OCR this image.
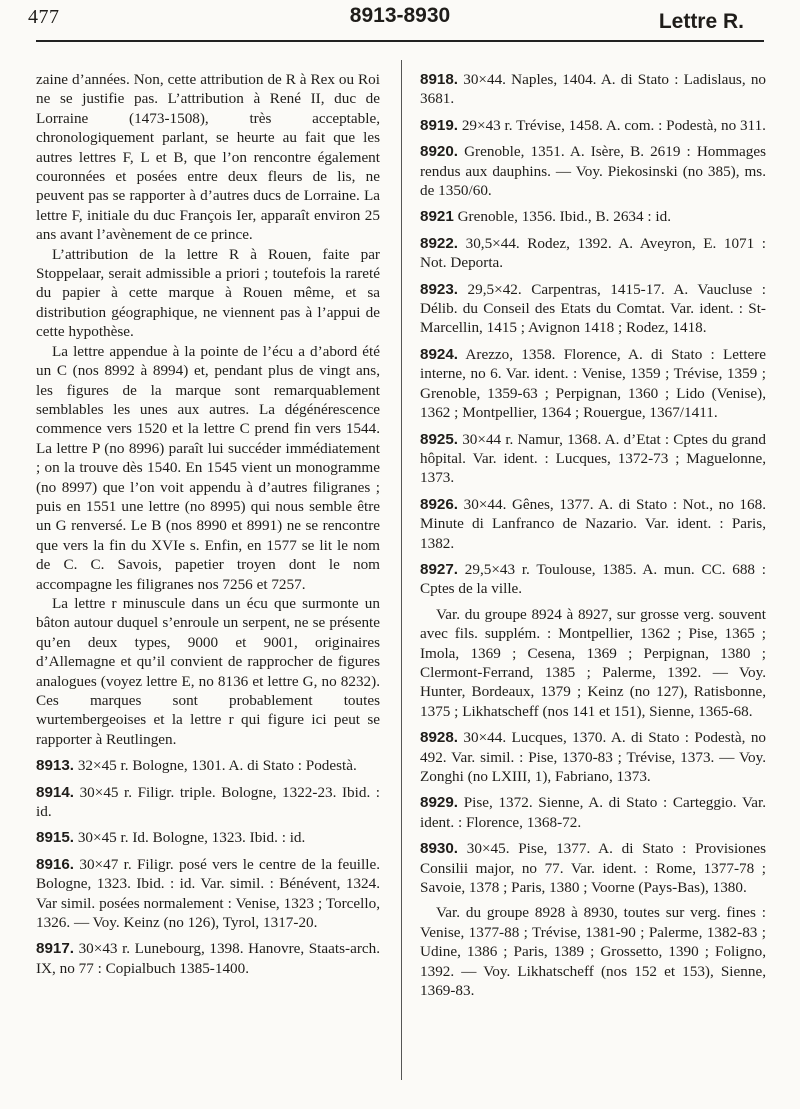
477	8913-8930	Lettre R.

zaine d’années. Non, cette attribution de R à Rex ou Roi ne se justifie pas. L’attribution à René II, duc de Lorraine (1473-1508), très acceptable, chronologiquement parlant, se heurte au fait que les autres lettres F, L et B, que l’on rencontre également couronnées et posées entre deux fleurs de lis, ne peuvent pas se rapporter à d’autres ducs de Lorraine. La lettre F, initiale du duc François Ier, apparaît environ 25 ans avant l’avènement de ce prince.

L’attribution de la lettre R à Rouen, faite par Stoppelaar, serait admissible a priori ; toutefois la rareté du papier à cette marque à Rouen même, et sa distribution géographique, ne viennent pas à l’appui de cette hypothèse.

La lettre appendue à la pointe de l’écu a d’abord été un C (nos 8992 à 8994) et, pendant plus de vingt ans, les figures de la marque sont remarquablement semblables les unes aux autres. La dégénérescence commence vers 1520 et la lettre C prend fin vers 1544. La lettre P (no 8996) paraît lui succéder immédiatement ; on la trouve dès 1540. En 1545 vient un monogramme (no 8997) que l’on voit appendu à d’autres filigranes ; puis en 1551 une lettre (no 8995) qui nous semble être un G renversé. Le B (nos 8990 et 8991) ne se rencontre que vers la fin du XVIe s. Enfin, en 1577 se lit le nom de C. C. Savois, papetier troyen dont le nom accompagne les filigranes nos 7256 et 7257.

La lettre r minuscule dans un écu que surmonte un bâton autour duquel s’enroule un serpent, ne se présente qu’en deux types, 9000 et 9001, originaires d’Allemagne et qu’il convient de rapprocher de figures analogues (voyez lettre E, no 8136 et lettre G, no 8232). Ces marques sont probablement toutes wurtembergeoises et la lettre r qui figure ici peut se rapporter à Reutlingen.

8913. 32×45 r. Bologne, 1301. A. di Stato : Podestà.

8914. 30×45 r. Filigr. triple. Bologne, 1322-23. Ibid. : id.

8915. 30×45 r. Id. Bologne, 1323. Ibid. : id.

8916. 30×47 r. Filigr. posé vers le centre de la feuille. Bologne, 1323. Ibid. : id. Var. simil. : Bénévent, 1324. Var simil. posées normalement : Venise, 1323 ; Torcello, 1326. — Voy. Keinz (no 126), Tyrol, 1317-20.

8917. 30×43 r. Lunebourg, 1398. Hanovre, Staats-arch. IX, no 77 : Copialbuch 1385-1400.

8918. 30×44. Naples, 1404. A. di Stato : Ladislaus, no 3681.

8919. 29×43 r. Trévise, 1458. A. com. : Podestà, no 311.

8920. Grenoble, 1351. A. Isère, B. 2619 : Hommages rendus aux dauphins. — Voy. Piekosinski (no 385), ms. de 1350/60.

8921 Grenoble, 1356. Ibid., B. 2634 : id.

8922. 30,5×44. Rodez, 1392. A. Aveyron, E. 1071 : Not. Deporta.

8923. 29,5×42. Carpentras, 1415-17. A. Vaucluse : Délib. du Conseil des Etats du Comtat. Var. ident. : St-Marcellin, 1415 ; Avignon 1418 ; Rodez, 1418.

8924. Arezzo, 1358. Florence, A. di Stato : Lettere interne, no 6. Var. ident. : Venise, 1359 ; Trévise, 1359 ; Grenoble, 1359-63 ; Perpignan, 1360 ; Lido (Venise), 1362 ; Montpellier, 1364 ; Rouergue, 1367/1411.

8925. 30×44 r. Namur, 1368. A. d’Etat : Cptes du grand hôpital. Var. ident. : Lucques, 1372-73 ; Maguelonne, 1373.

8926. 30×44. Gênes, 1377. A. di Stato : Not., no 168. Minute di Lanfranco de Nazario. Var. ident. : Paris, 1382.

8927. 29,5×43 r. Toulouse, 1385. A. mun. CC. 688 : Cptes de la ville.

Var. du groupe 8924 à 8927, sur grosse verg. souvent avec fils. supplém. : Montpellier, 1362 ; Pise, 1365 ; Imola, 1369 ; Cesena, 1369 ; Perpignan, 1380 ; Clermont-Ferrand, 1385 ; Palerme, 1392. — Voy. Hunter, Bordeaux, 1379 ; Keinz (no 127), Ratisbonne, 1375 ; Likhatscheff (nos 141 et 151), Sienne, 1365-68.

8928. 30×44. Lucques, 1370. A. di Stato : Podestà, no 492. Var. simil. : Pise, 1370-83 ; Trévise, 1373. — Voy. Zonghi (no LXIII, 1), Fabriano, 1373.

8929. Pise, 1372. Sienne, A. di Stato : Carteggio. Var. ident. : Florence, 1368-72.

8930. 30×45. Pise, 1377. A. di Stato : Provisiones Consilii major, no 77. Var. ident. : Rome, 1377-78 ; Savoie, 1378 ; Paris, 1380 ; Voorne (Pays-Bas), 1380.

Var. du groupe 8928 à 8930, toutes sur verg. fines : Venise, 1377-88 ; Trévise, 1381-90 ; Palerme, 1382-83 ; Udine, 1386 ; Paris, 1389 ; Grossetto, 1390 ; Foligno, 1392. — Voy. Likhatscheff (nos 152 et 153), Sienne, 1369-83.
